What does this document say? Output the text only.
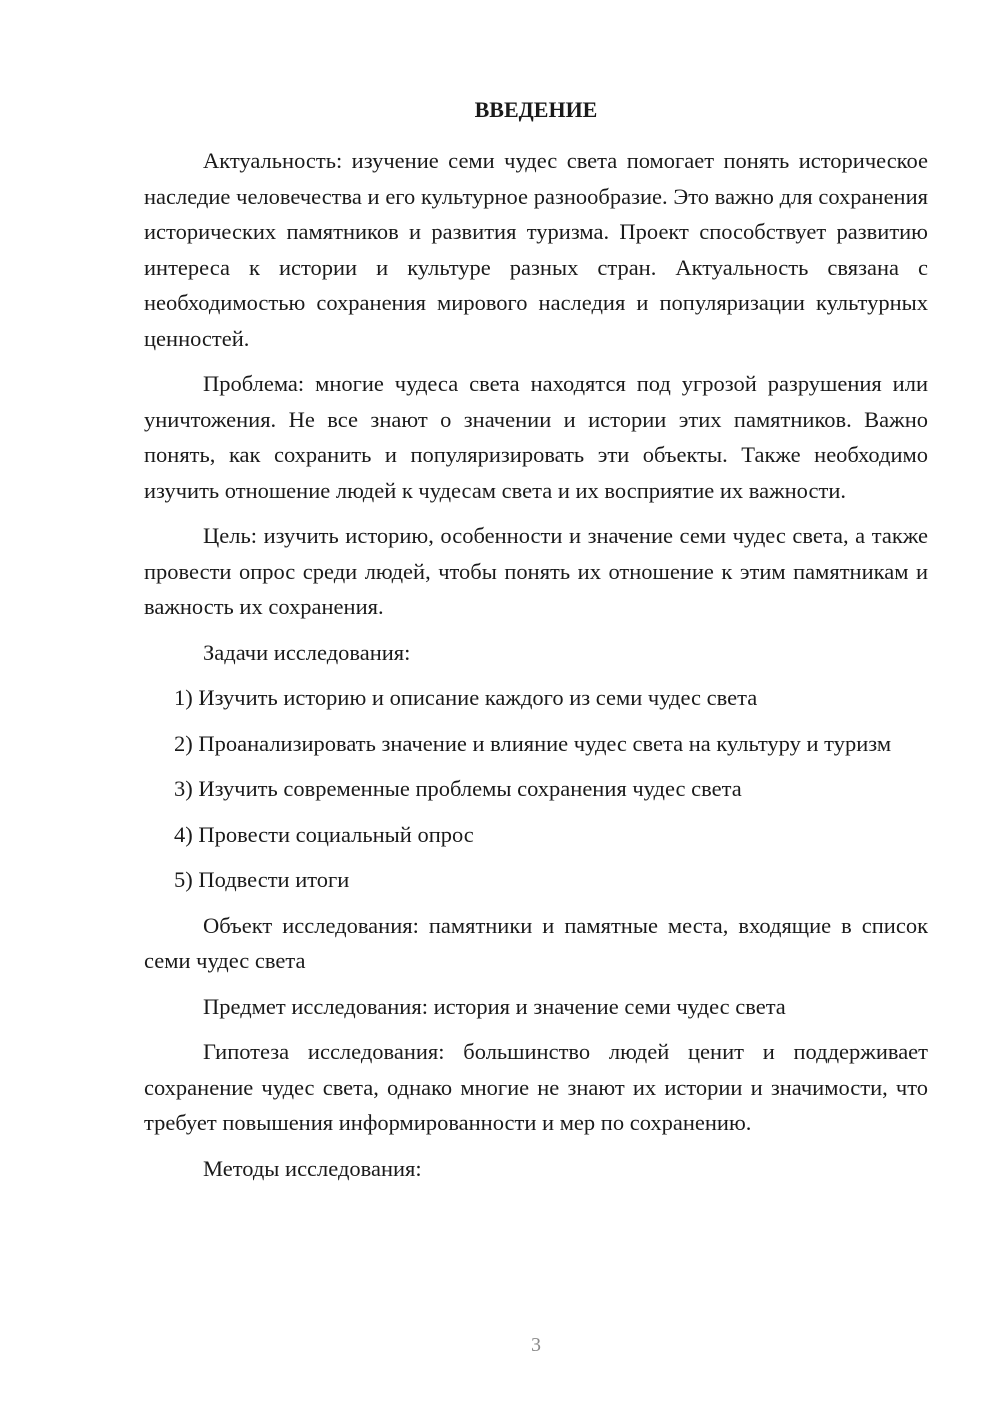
ВВЕДЕНИЕ

Актуальность: изучение семи чудес света помогает понять историческое наследие человечества и его культурное разнообразие. Это важно для сохранения исторических памятников и развития туризма. Проект способствует развитию интереса к истории и культуре разных стран. Актуальность связана с необходимостью сохранения мирового наследия и популяризации культурных ценностей.

Проблема: многие чудеса света находятся под угрозой разрушения или уничтожения. Не все знают о значении и истории этих памятников. Важно понять, как сохранить и популяризировать эти объекты. Также необходимо изучить отношение людей к чудесам света и их восприятие их важности.

Цель: изучить историю, особенности и значение семи чудес света, а также провести опрос среди людей, чтобы понять их отношение к этим памятникам и важность их сохранения.

Задачи исследования:

1) Изучить историю и описание каждого из семи чудес света

2) Проанализировать значение и влияние чудес света на культуру и туризм

3) Изучить современные проблемы сохранения чудес света

4) Провести социальный опрос

5) Подвести итоги

Объект исследования: памятники и памятные места, входящие в список семи чудес света

Предмет исследования: история и значение семи чудес света

Гипотеза исследования: большинство людей ценит и поддерживает сохранение чудес света, однако многие не знают их истории и значимости, что требует повышения информированности и мер по сохранению.

Методы исследования:

3
